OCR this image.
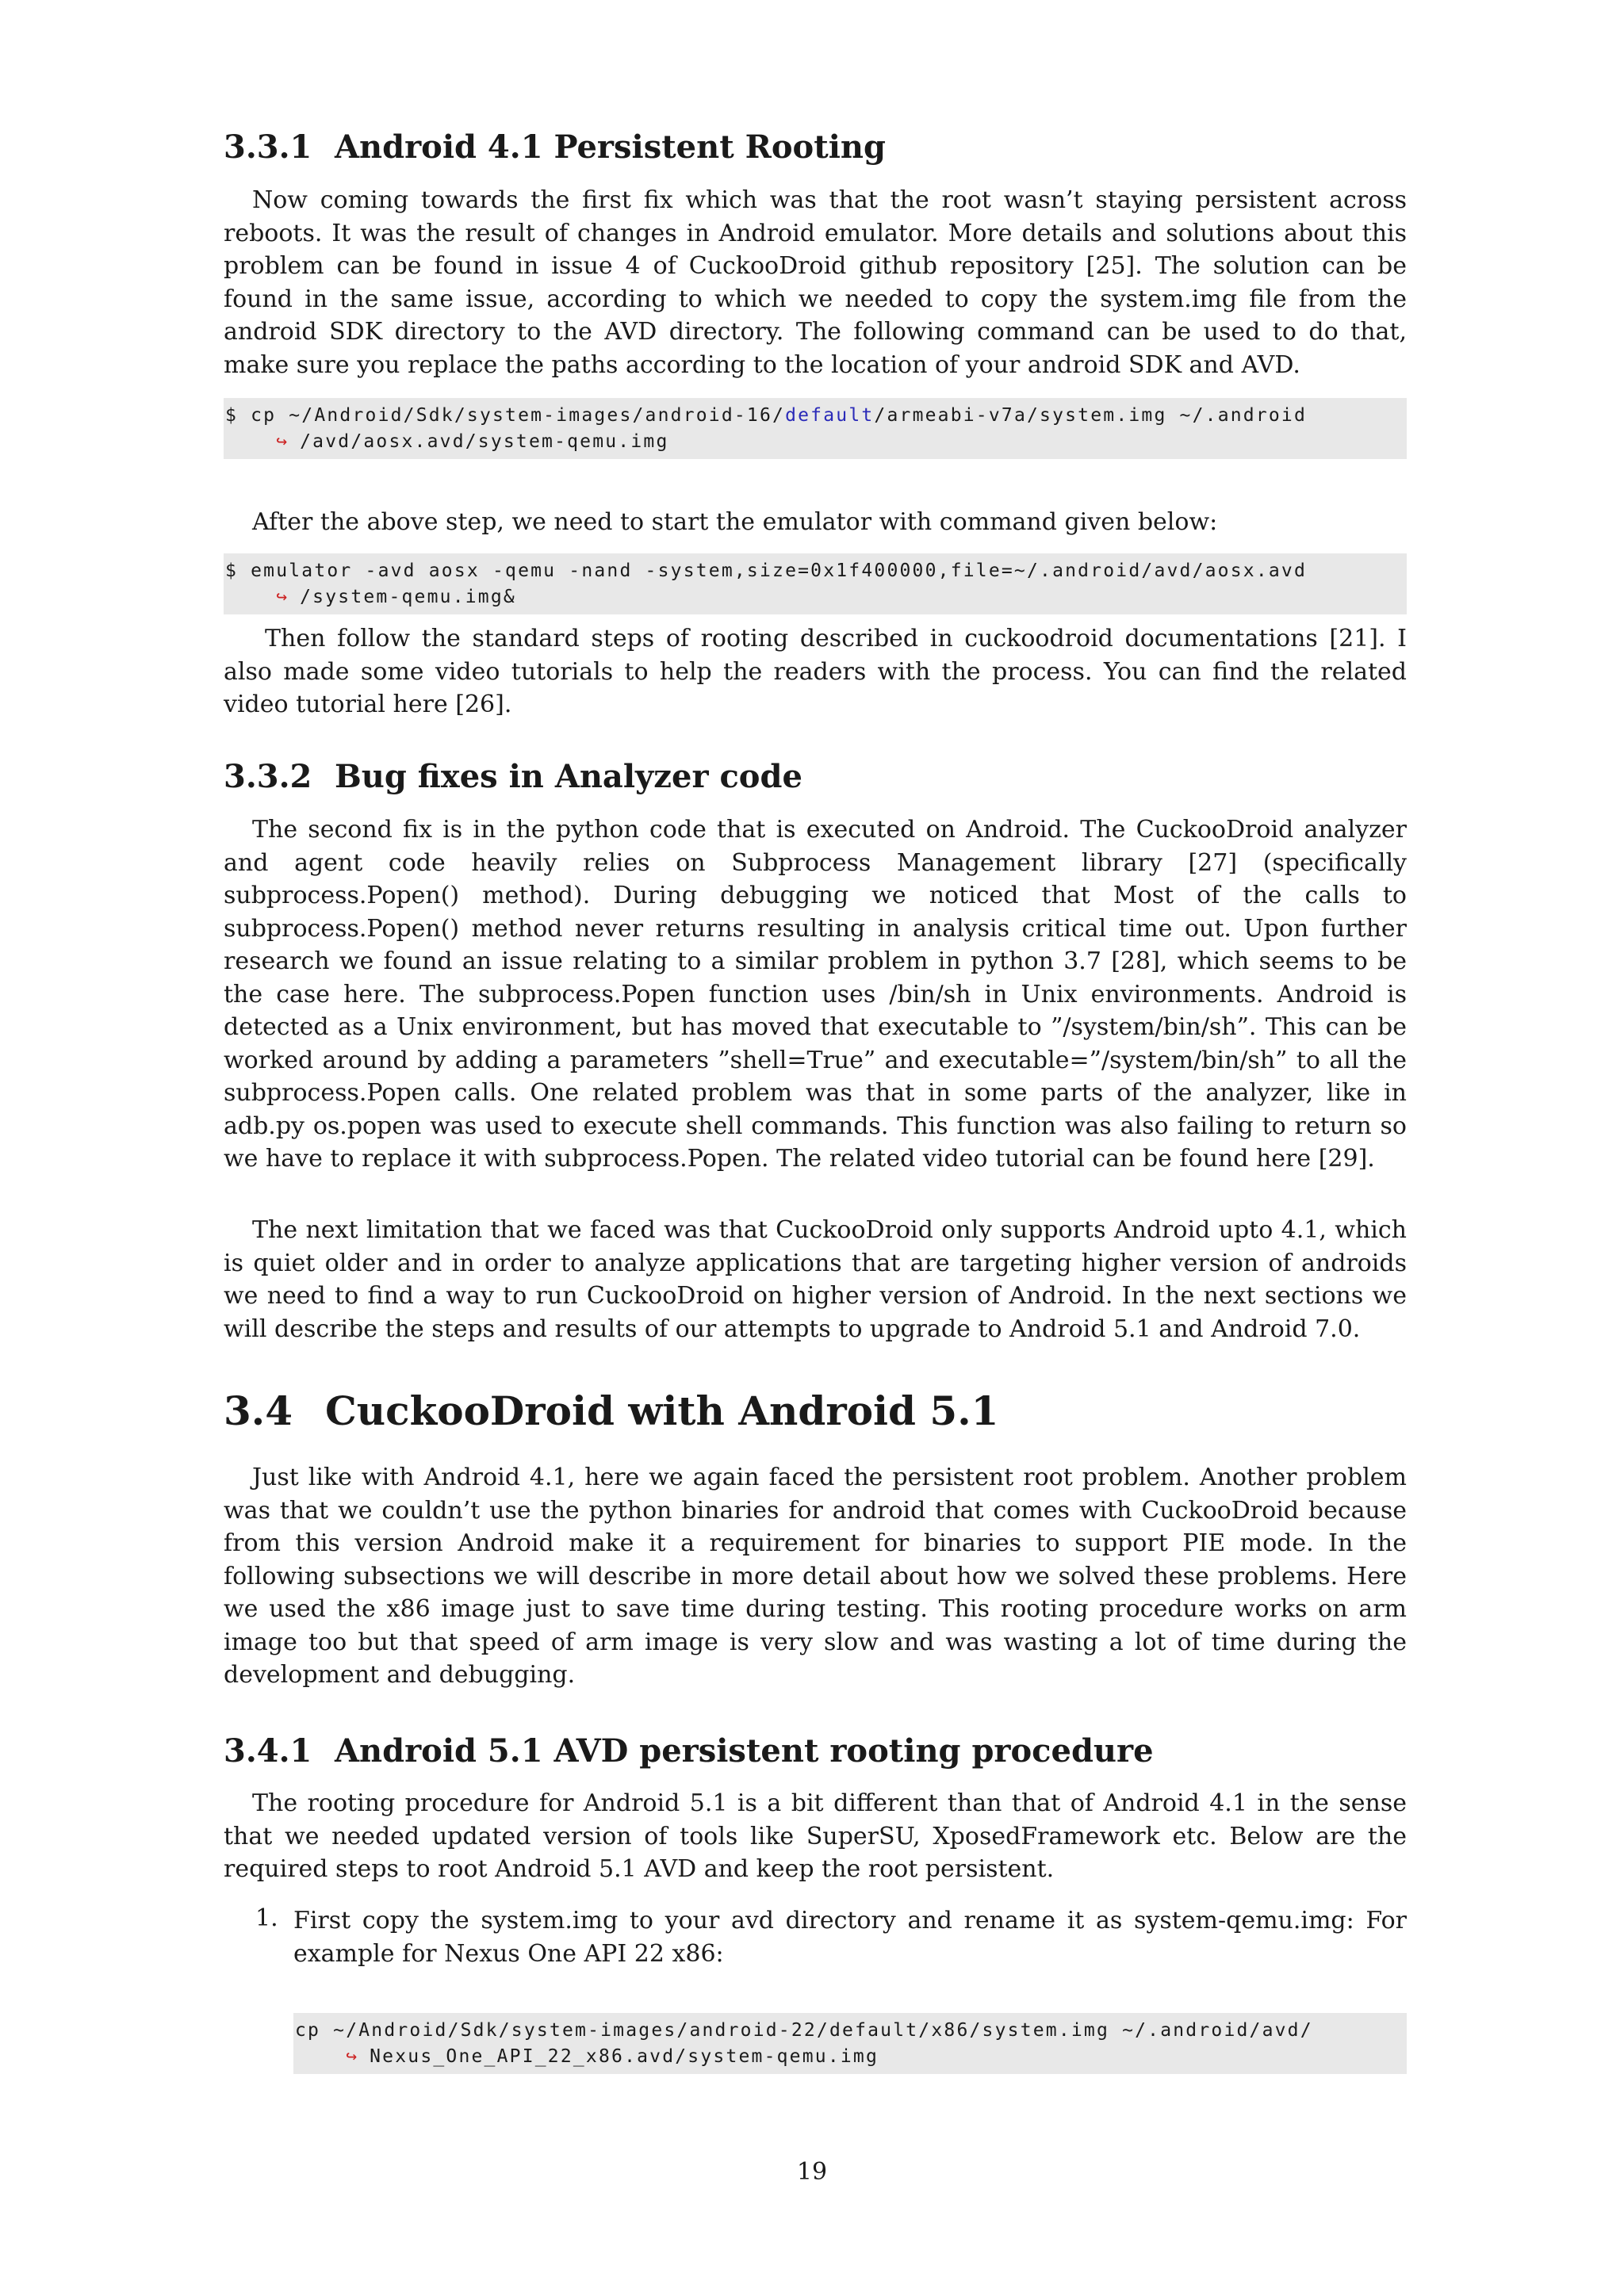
3.3.1 Android 4.1 Persistent Rooting

Now coming towards the first fix which was that the root wasn’t staying persistent across reboots. It was the result of changes in Android emulator. More details and solutions about this problem can be found in issue 4 of CuckooDroid github repository [25]. The solution can be found in the same issue, according to which we needed to copy the system.img file from the android SDK directory to the AVD directory. The following command can be used to do that, make sure you replace the paths according to the location of your android SDK and AVD.

$ cp ~/Android/Sdk/system-images/android-16/default/armeabi-v7a/system.img ~/.android
↪ /avd/aosx.avd/system-qemu.img

After the above step, we need to start the emulator with command given below:

$ emulator -avd aosx -qemu -nand -system,size=0x1f400000,file=~/.android/avd/aosx.avd
↪ /system-qemu.img&

Then follow the standard steps of rooting described in cuckoodroid documentations [21]. I also made some video tutorials to help the readers with the process. You can find the related video tutorial here [26].

3.3.2 Bug fixes in Analyzer code

The second fix is in the python code that is executed on Android. The CuckooDroid analyzer and agent code heavily relies on Subprocess Management library [27] (specifically subprocess.Popen() method). During debugging we noticed that Most of the calls to subprocess.Popen() method never returns resulting in analysis critical time out. Upon further research we found an issue relating to a similar problem in python 3.7 [28], which seems to be the case here. The subprocess.Popen function uses /bin/sh in Unix environments. Android is detected as a Unix environment, but has moved that executable to ”/system/bin/sh”. This can be worked around by adding a parameters ”shell=True” and executable=”/system/bin/sh” to all the subprocess.Popen calls. One related problem was that in some parts of the analyzer, like in adb.py os.popen was used to execute shell commands. This function was also failing to return so we have to replace it with subprocess.Popen. The related video tutorial can be found here [29].

The next limitation that we faced was that CuckooDroid only supports Android upto 4.1, which is quiet older and in order to analyze applications that are targeting higher version of androids we need to find a way to run CuckooDroid on higher version of Android. In the next sections we will describe the steps and results of our attempts to upgrade to Android 5.1 and Android 7.0.

3.4 CuckooDroid with Android 5.1

Just like with Android 4.1, here we again faced the persistent root problem. Another problem was that we couldn’t use the python binaries for android that comes with CuckooDroid because from this version Android make it a requirement for binaries to support PIE mode. In the following subsections we will describe in more detail about how we solved these problems. Here we used the x86 image just to save time during testing. This rooting procedure works on arm image too but that speed of arm image is very slow and was wasting a lot of time during the development and debugging.

3.4.1 Android 5.1 AVD persistent rooting procedure

The rooting procedure for Android 5.1 is a bit different than that of Android 4.1 in the sense that we needed updated version of tools like SuperSU, XposedFramework etc. Below are the required steps to root Android 5.1 AVD and keep the root persistent.

1. First copy the system.img to your avd directory and rename it as system-qemu.img: For example for Nexus One API 22 x86:

cp ~/Android/Sdk/system-images/android-22/default/x86/system.img ~/.android/avd/
↪ Nexus_One_API_22_x86.avd/system-qemu.img
19
